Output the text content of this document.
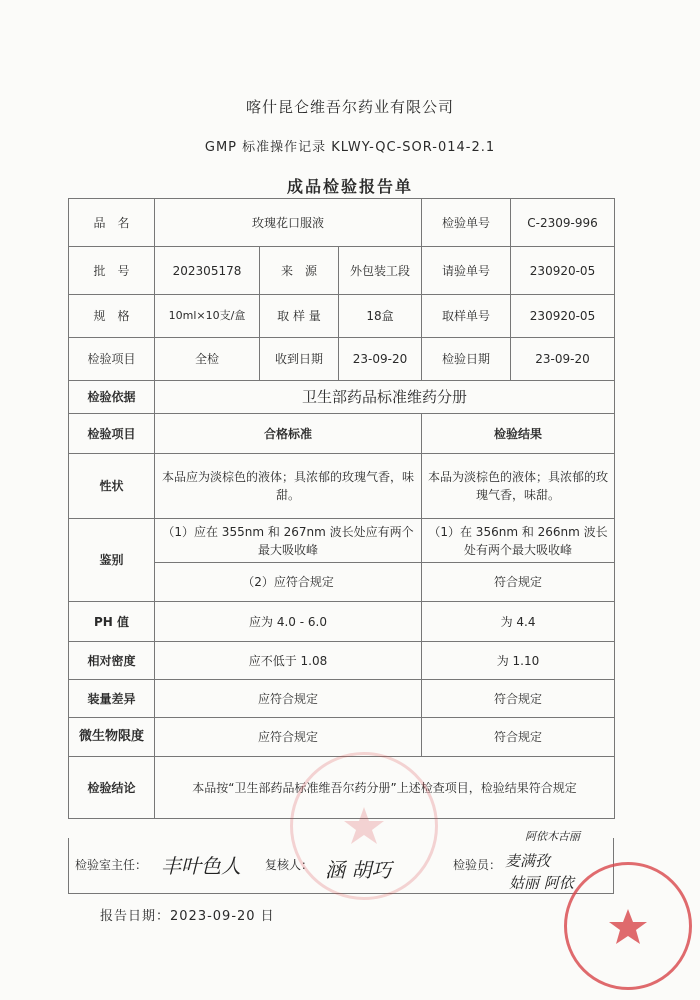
喀什昆仑维吾尔药业有限公司
GMP 标准操作记录 KLWY-QC-SOR-014-2.1
成品检验报告单
品　名	玫瑰花口服液			检验单号	C-2309-996
批　号	202305178	来　源	外包装工段	请验单号	230920-05
规　格	10ml×10支/盒	取 样 量	18盒	取样单号	230920-05
检验项目	全检	收到日期	23-09-20	检验日期	23-09-20
检验依据	卫生部药品标准维药分册				
检验项目	合格标准			检验结果	
性状	本品应为淡棕色的液体；具浓郁的玫瑰气香，味甜。			本品为淡棕色的液体；具浓郁的玫瑰气香，味甜。	
鉴别	（1）应在 355nm 和 267nm 波长处应有两个最大吸收峰			（1）在 356nm 和 266nm 波长处有两个最大吸收峰	
	（2）应符合规定			符合规定	
PH 值	应为 4.0 - 6.0			为 4.4	
相对密度	应不低于 1.08			为 1.10	
装量差异	应符合规定			符合规定	
微生物限度	应符合规定			符合规定	
检验结论	本品按“卫生部药品标准维吾尔药分册”上述检查项目，检验结果符合规定				
检验室主任： 丰叶色人 复核人： 涵 胡巧	检验员：
阿依木古丽
麦满孜
姑丽 阿依
报告日期：2023-09-20 日
